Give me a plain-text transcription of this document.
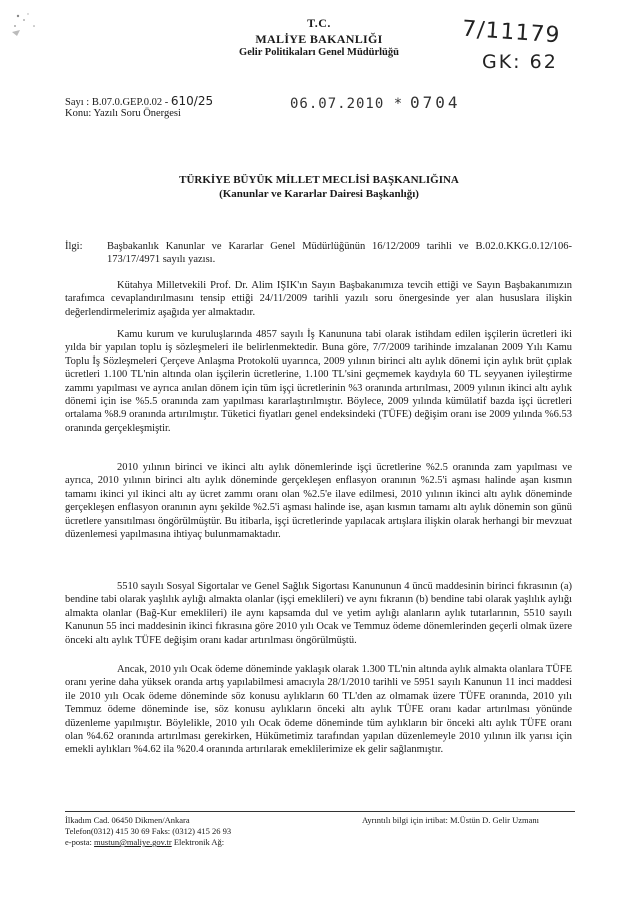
T.C.
MALİYE BAKANLIĞI
Gelir Politikaları Genel Müdürlüğü
7/11179
GK: 62
Sayı : B.07.0.GEP.0.02 - 610/25
Konu: Yazılı Soru Önergesi
06.07.2010 * 0704
TÜRKİYE BÜYÜK MİLLET MECLİSİ BAŞKANLIĞINA
(Kanunlar ve Kararlar Dairesi Başkanlığı)
İlgi: Başbakanlık Kanunlar ve Kararlar Genel Müdürlüğünün 16/12/2009 tarihli ve B.02.0.KKG.0.12/106-173/17/4971 sayılı yazısı.

Kütahya Milletvekili Prof. Dr. Alim IŞIK'ın Sayın Başbakanımıza tevcih ettiği ve Sayın Başbakanımızın tarafımca cevaplandırılmasını tensip ettiği 24/11/2009 tarihli yazılı soru önergesinde yer alan hususlara ilişkin değerlendirmelerimiz aşağıda yer almaktadır.

Kamu kurum ve kuruluşlarında 4857 sayılı İş Kanununa tabi olarak istihdam edilen işçilerin ücretleri iki yılda bir yapılan toplu iş sözleşmeleri ile belirlenmektedir. Buna göre, 7/7/2009 tarihinde imzalanan 2009 Yılı Kamu Toplu İş Sözleşmeleri Çerçeve Anlaşma Protokolü uyarınca, 2009 yılının birinci altı aylık dönemi için aylık brüt çıplak ücretleri 1.100 TL'nin altında olan işçilerin ücretlerine, 1.100 TL'sini geçmemek kaydıyla 60 TL seyyanen iyileştirme zammı yapılması ve ayrıca anılan dönem için tüm işçi ücretlerinin %3 oranında artırılması, 2009 yılının ikinci altı aylık dönemi için ise %5.5 oranında zam yapılması kararlaştırılmıştır. Böylece, 2009 yılında kümülatif bazda işçi ücretleri ortalama %8.9 oranında artırılmıştır. Tüketici fiyatları genel endeksindeki (TÜFE) değişim oranı ise 2009 yılında %6.53 oranında gerçekleşmiştir.

2010 yılının birinci ve ikinci altı aylık dönemlerinde işçi ücretlerine %2.5 oranında zam yapılması ve ayrıca, 2010 yılının birinci altı aylık döneminde gerçekleşen enflasyon oranının %2.5'i aşması halinde aşan kısmın tamamı ikinci yıl ikinci altı ay ücret zammı oranı olan %2.5'e ilave edilmesi, 2010 yılının ikinci altı aylık döneminde gerçekleşen enflasyon oranının aynı şekilde %2.5'i aşması halinde ise, aşan kısmın tamamı altı aylık dönemin son günü ücretlere yansıtılması öngörülmüştür. Bu itibarla, işçi ücretlerinde yapılacak artışlara ilişkin olarak herhangi bir mevzuat düzenlemesi yapılmasına ihtiyaç bulunmamaktadır.

5510 sayılı Sosyal Sigortalar ve Genel Sağlık Sigortası Kanununun 4 üncü maddesinin birinci fıkrasının (a) bendine tabi olarak yaşlılık aylığı almakta olanlar (işçi emeklileri) ve aynı fıkranın (b) bendine tabi olarak yaşlılık aylığı almakta olanlar (Bağ-Kur emeklileri) ile aynı kapsamda dul ve yetim aylığı alanların aylık tutarlarının, 5510 sayılı Kanunun 55 inci maddesinin ikinci fıkrasına göre 2010 yılı Ocak ve Temmuz ödeme dönemlerinden geçerli olmak üzere önceki altı aylık TÜFE değişim oranı kadar artırılması öngörülmüştü.

Ancak, 2010 yılı Ocak ödeme döneminde yaklaşık olarak 1.300 TL'nin altında aylık almakta olanlara TÜFE oranı yerine daha yüksek oranda artış yapılabilmesi amacıyla 28/1/2010 tarihli ve 5951 sayılı Kanunun 11 inci maddesi ile 2010 yılı Ocak ödeme döneminde söz konusu aylıkların 60 TL'den az olmamak üzere TÜFE oranında, 2010 yılı Temmuz ödeme döneminde ise, söz konusu aylıkların önceki altı aylık TÜFE oranı kadar artırılması yönünde düzenleme yapılmıştır. Böylelikle, 2010 yılı Ocak ödeme döneminde tüm aylıkların bir önceki altı aylık TÜFE oranı olan %4.62 oranında artırılması gerekirken, Hükümetimiz tarafından yapılan düzenlemeyle 2010 yılının ilk yarısı için emekli aylıkları %4.62 ila %20.4 oranında artırılarak emeklilerimize ek gelir sağlanmıştır.

İlkadım Cad. 06450 Dikmen/Ankara
Telefon(0312) 415 30 69 Faks: (0312) 415 26 93
e-posta: mustun@maliye.gov.tr Elektronik Ağ:
Ayrıntılı bilgi için irtibat: M.Üstün D. Gelir Uzmanı
